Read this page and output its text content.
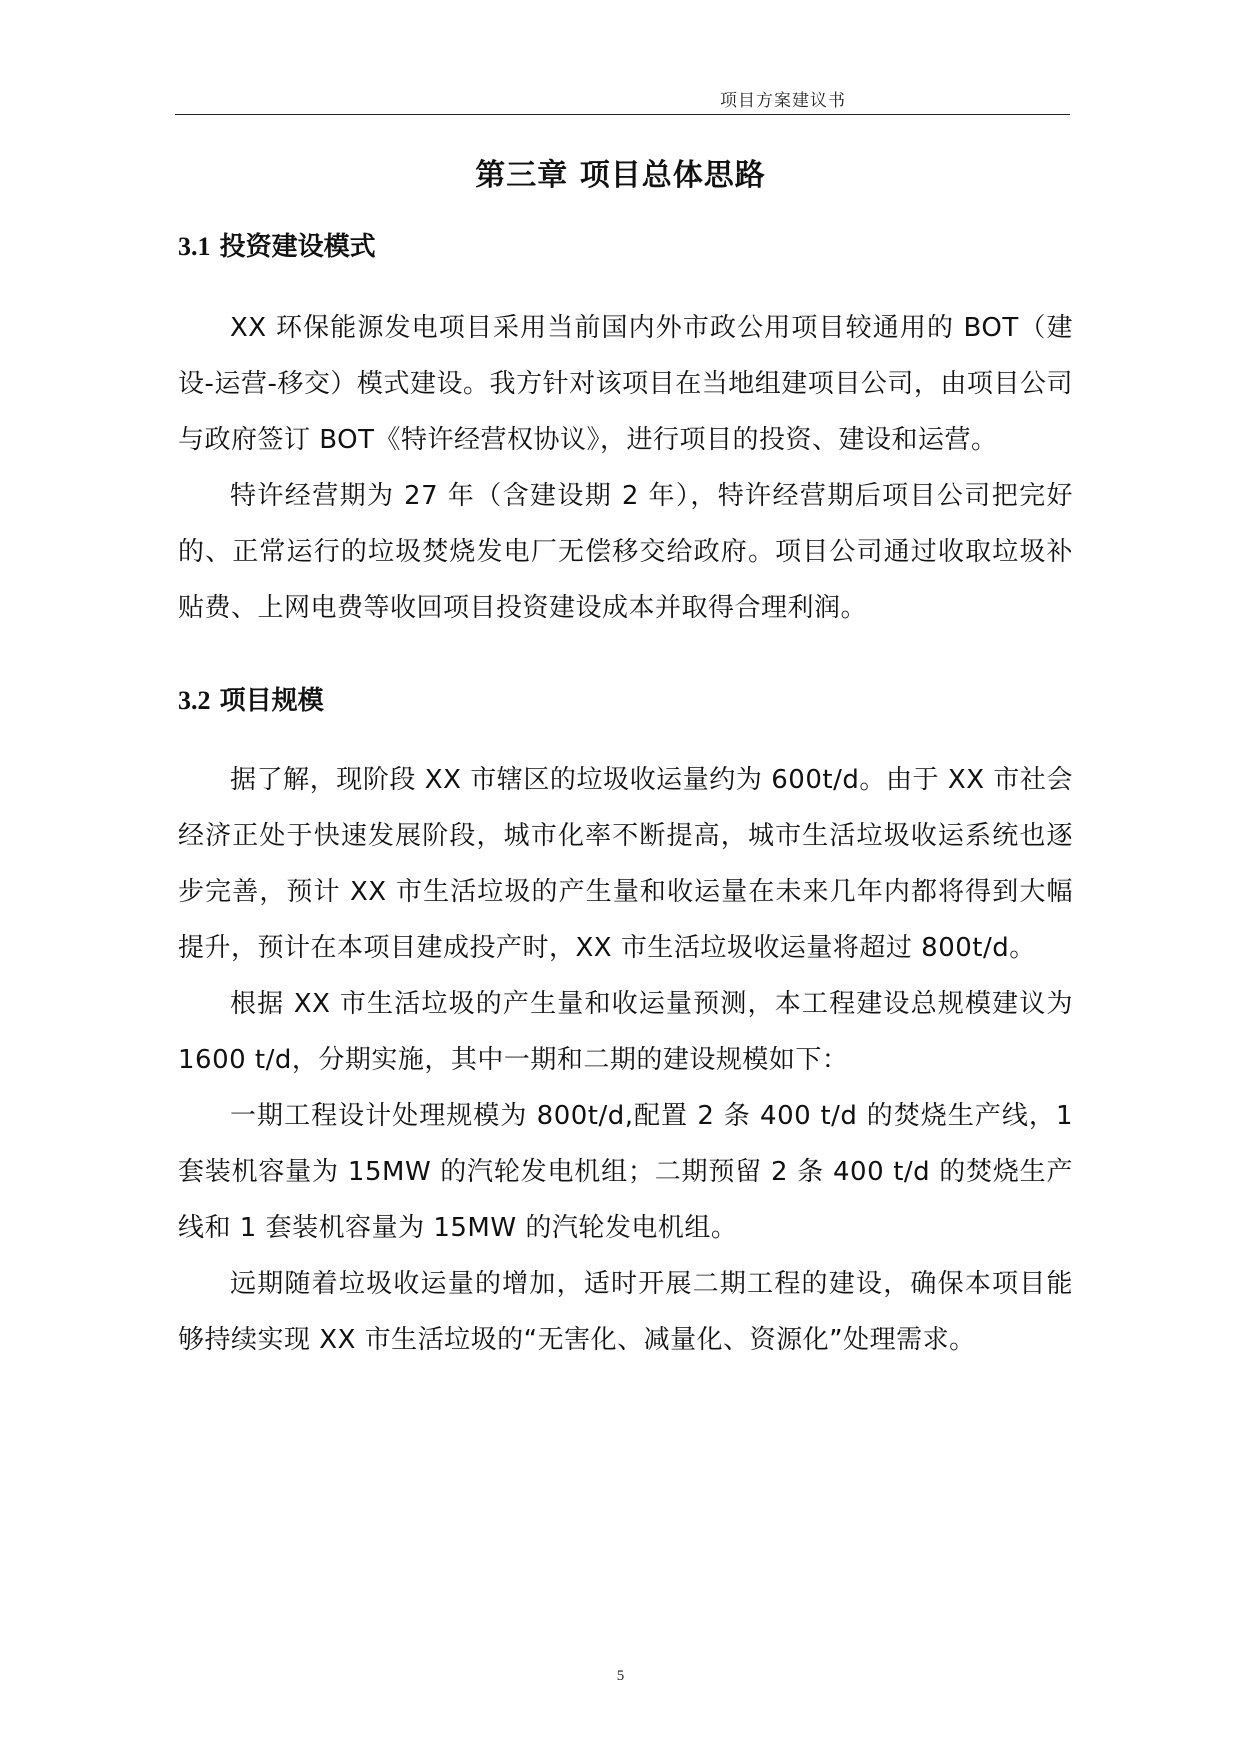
项目方案建议书
第三章 项目总体思路
3.1 投资建设模式

XX 环保能源发电项目采用当前国内外市政公用项目较通用的 BOT（建设-运营-移交）模式建设。我方针对该项目在当地组建项目公司，由项目公司与政府签订 BOT《特许经营权协议》，进行项目的投资、建设和运营。

特许经营期为 27 年（含建设期 2 年），特许经营期后项目公司把完好的、正常运行的垃圾焚烧发电厂无偿移交给政府。项目公司通过收取垃圾补贴费、上网电费等收回项目投资建设成本并取得合理利润。

3.2 项目规模

据了解，现阶段 XX 市辖区的垃圾收运量约为 600t/d。由于 XX 市社会经济正处于快速发展阶段，城市化率不断提高，城市生活垃圾收运系统也逐步完善，预计 XX 市生活垃圾的产生量和收运量在未来几年内都将得到大幅提升，预计在本项目建成投产时，XX 市生活垃圾收运量将超过 800t/d。

根据 XX 市生活垃圾的产生量和收运量预测，本工程建设总规模建议为 1600 t/d，分期实施，其中一期和二期的建设规模如下：

一期工程设计处理规模为 800t/d,配置 2 条 400 t/d 的焚烧生产线，1 套装机容量为 15MW 的汽轮发电机组；二期预留 2 条 400 t/d 的焚烧生产线和 1 套装机容量为 15MW 的汽轮发电机组。

远期随着垃圾收运量的增加，适时开展二期工程的建设，确保本项目能够持续实现 XX 市生活垃圾的“无害化、减量化、资源化”处理需求。

5
